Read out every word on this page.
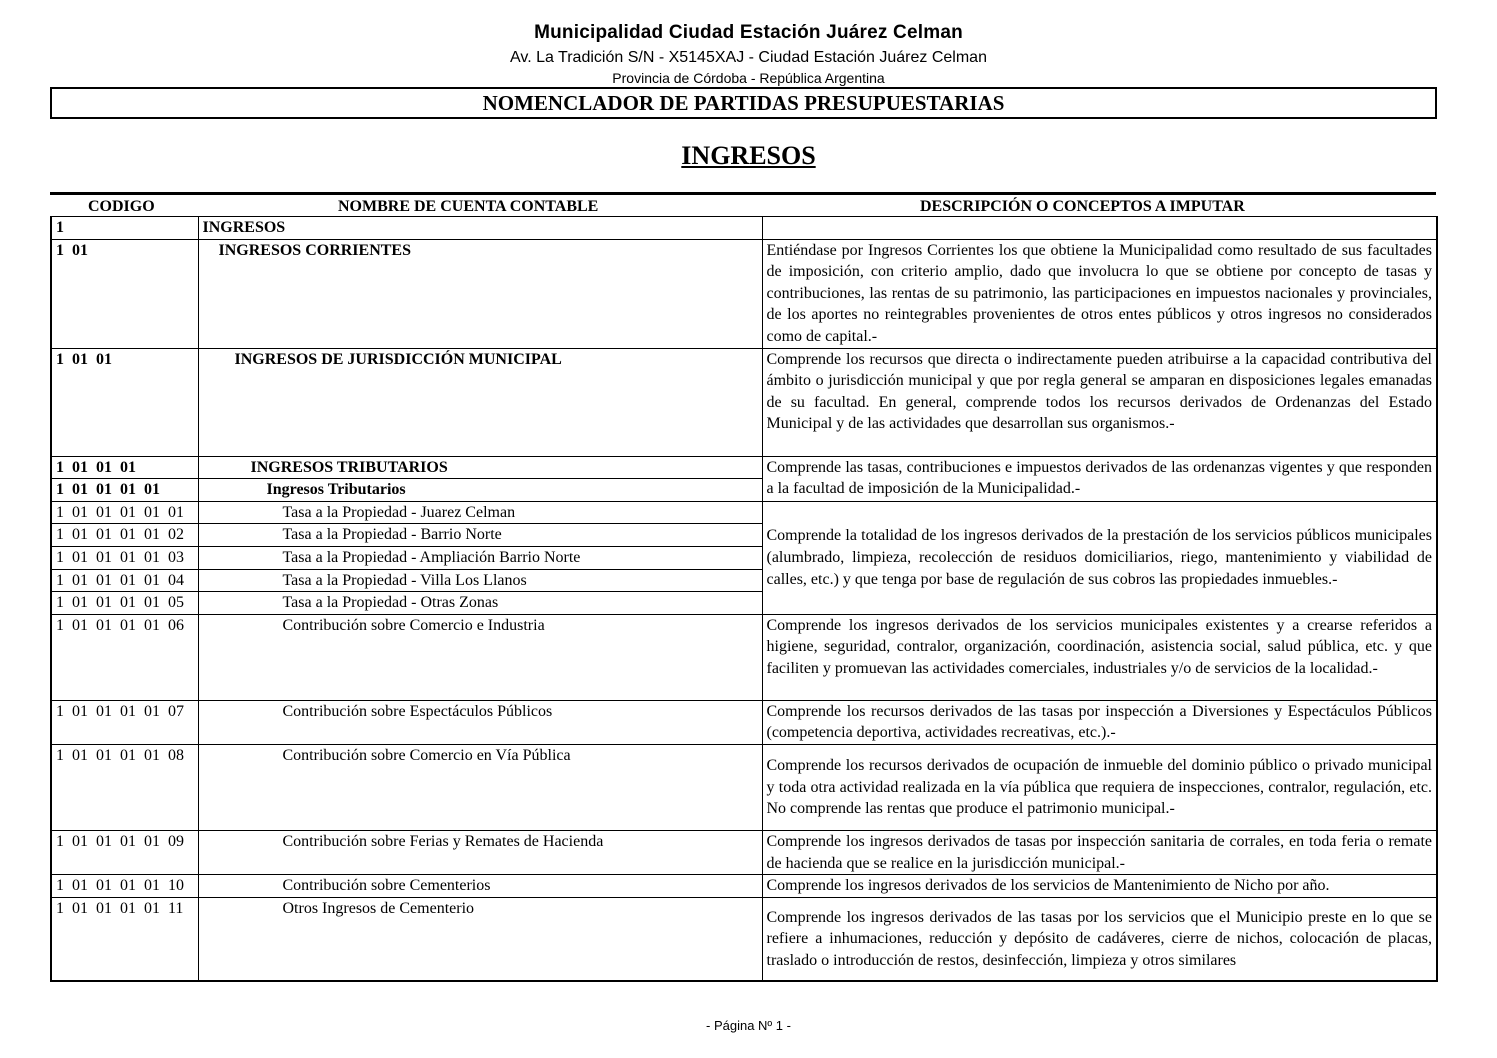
Municipalidad Ciudad Estación Juárez Celman
Av. La Tradición S/N - X5145XAJ - Ciudad Estación Juárez Celman
Provincia de Córdoba - República Argentina
NOMENCLADOR DE PARTIDAS PRESUPUESTARIAS
INGRESOS
CODIGO	NOMBRE DE CUENTA CONTABLE	DESCRIPCIÓN O CONCEPTOS A IMPUTAR
1	INGRESOS	
1  01	INGRESOS CORRIENTES	Entiéndase por Ingresos Corrientes los que obtiene la Municipalidad como resultado de sus facultades de imposición, con criterio amplio, dado que involucra lo que se obtiene por concepto de tasas y contribuciones, las rentas de su patrimonio, las participaciones en impuestos nacionales y provinciales, de los aportes no reintegrables provenientes de otros entes públicos y otros ingresos no considerados como de capital.-
1  01  01	INGRESOS DE JURISDICCIÓN MUNICIPAL	Comprende los recursos que directa o indirectamente pueden atribuirse a la capacidad contributiva del ámbito o jurisdicción municipal y que por regla general se amparan en disposiciones legales emanadas de su facultad. En general, comprende todos los recursos derivados de Ordenanzas del Estado Municipal y de las actividades que desarrollan sus organismos.-
1  01  01  01	INGRESOS TRIBUTARIOS	Comprende las tasas, contribuciones e impuestos derivados de las ordenanzas vigentes y que responden a la facultad de imposición de la Municipalidad.-
1  01  01  01  01	Ingresos Tributarios	
1  01  01  01  01  01	Tasa a la Propiedad - Juarez Celman	Comprende la totalidad de los ingresos derivados de la prestación de los servicios públicos municipales (alumbrado, limpieza, recolección de residuos domiciliarios, riego, mantenimiento y viabilidad de calles, etc.) y que tenga por base de regulación de sus cobros las propiedades inmuebles.-
1  01  01  01  01  02	Tasa a la Propiedad - Barrio Norte	
1  01  01  01  01  03	Tasa a la Propiedad - Ampliación Barrio Norte	
1  01  01  01  01  04	Tasa a la Propiedad - Villa Los Llanos	
1  01  01  01  01  05	Tasa a la Propiedad - Otras Zonas	
1  01  01  01  01  06	Contribución sobre Comercio e Industria	Comprende los ingresos derivados de los servicios municipales existentes y a crearse referidos a higiene, seguridad, contralor, organización, coordinación, asistencia social, salud pública, etc. y que faciliten y promuevan las actividades comerciales, industriales y/o de servicios de la localidad.-
1  01  01  01  01  07	Contribución sobre Espectáculos Públicos	Comprende los recursos derivados de las tasas por inspección a Diversiones y Espectáculos Públicos (competencia deportiva, actividades recreativas, etc.).-
1  01  01  01  01  08	Contribución sobre Comercio en Vía Pública	Comprende los recursos derivados de ocupación de inmueble del dominio público o privado municipal y toda otra actividad realizada en la vía pública que requiera de inspecciones, contralor, regulación, etc. No comprende las rentas que produce el patrimonio municipal.-
1  01  01  01  01  09	Contribución sobre Ferias y Remates de Hacienda	Comprende los ingresos derivados de tasas por inspección sanitaria de corrales, en toda feria o remate de hacienda que se realice en la jurisdicción municipal.-
1  01  01  01  01  10	Contribución sobre Cementerios	Comprende los ingresos derivados de los servicios de Mantenimiento de Nicho por año.
1  01  01  01  01  11	Otros Ingresos de Cementerio	Comprende los ingresos derivados de las tasas por los servicios que el Municipio preste en lo que se refiere a inhumaciones, reducción y depósito de cadáveres, cierre de nichos, colocación de placas, traslado o introducción de restos, desinfección, limpieza y otros similares
- Página Nº 1 -
